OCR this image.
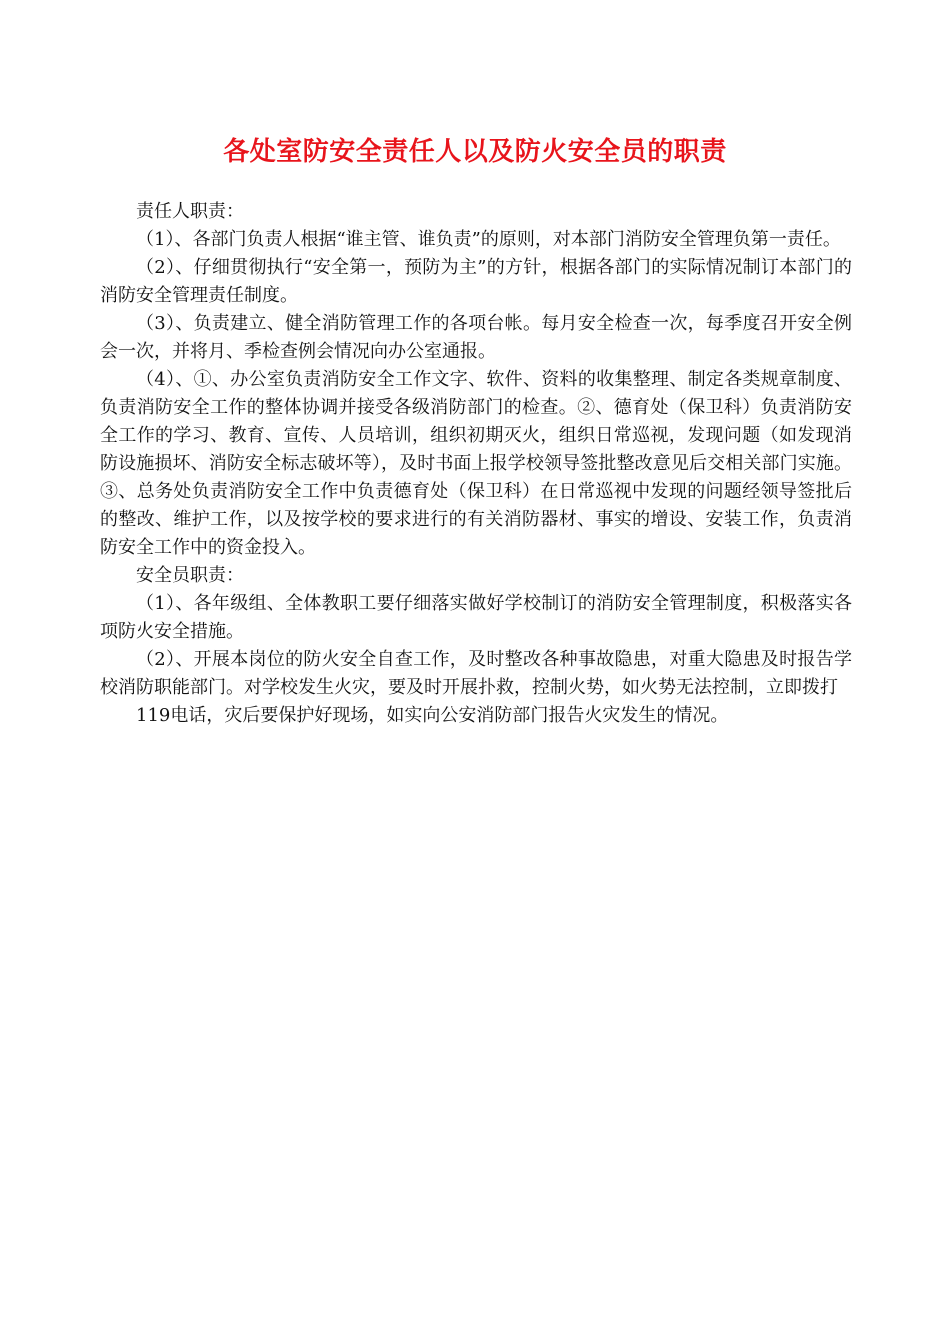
各处室防安全责任人以及防火安全员的职责

责任人职责：

（1）、各部门负责人根据“谁主管、谁负责”的原则，对本部门消防安全管理负第一责任。

（2）、仔细贯彻执行“安全第一，预防为主”的方针，根据各部门的实际情况制订本部门的消防安全管理责任制度。

（3）、负责建立、健全消防管理工作的各项台帐。每月安全检查一次，每季度召开安全例会一次，并将月、季检查例会情况向办公室通报。

（4）、①、办公室负责消防安全工作文字、软件、资料的收集整理、制定各类规章制度、负责消防安全工作的整体协调并接受各级消防部门的检查。②、德育处（保卫科）负责消防安全工作的学习、教育、宣传、人员培训，组织初期灭火，组织日常巡视，发现问题（如发现消防设施损坏、消防安全标志破坏等），及时书面上报学校领导签批整改意见后交相关部门实施。③、总务处负责消防安全工作中负责德育处（保卫科）在日常巡视中发现的问题经领导签批后的整改、维护工作，以及按学校的要求进行的有关消防器材、事实的增设、安装工作，负责消防安全工作中的资金投入。

安全员职责：

（1）、各年级组、全体教职工要仔细落实做好学校制订的消防安全管理制度，积极落实各项防火安全措施。

（2）、开展本岗位的防火安全自查工作，及时整改各种事故隐患，对重大隐患及时报告学校消防职能部门。对学校发生火灾，要及时开展扑救，控制火势，如火势无法控制，立即拨打

119电话，灾后要保护好现场，如实向公安消防部门报告火灾发生的情况。
